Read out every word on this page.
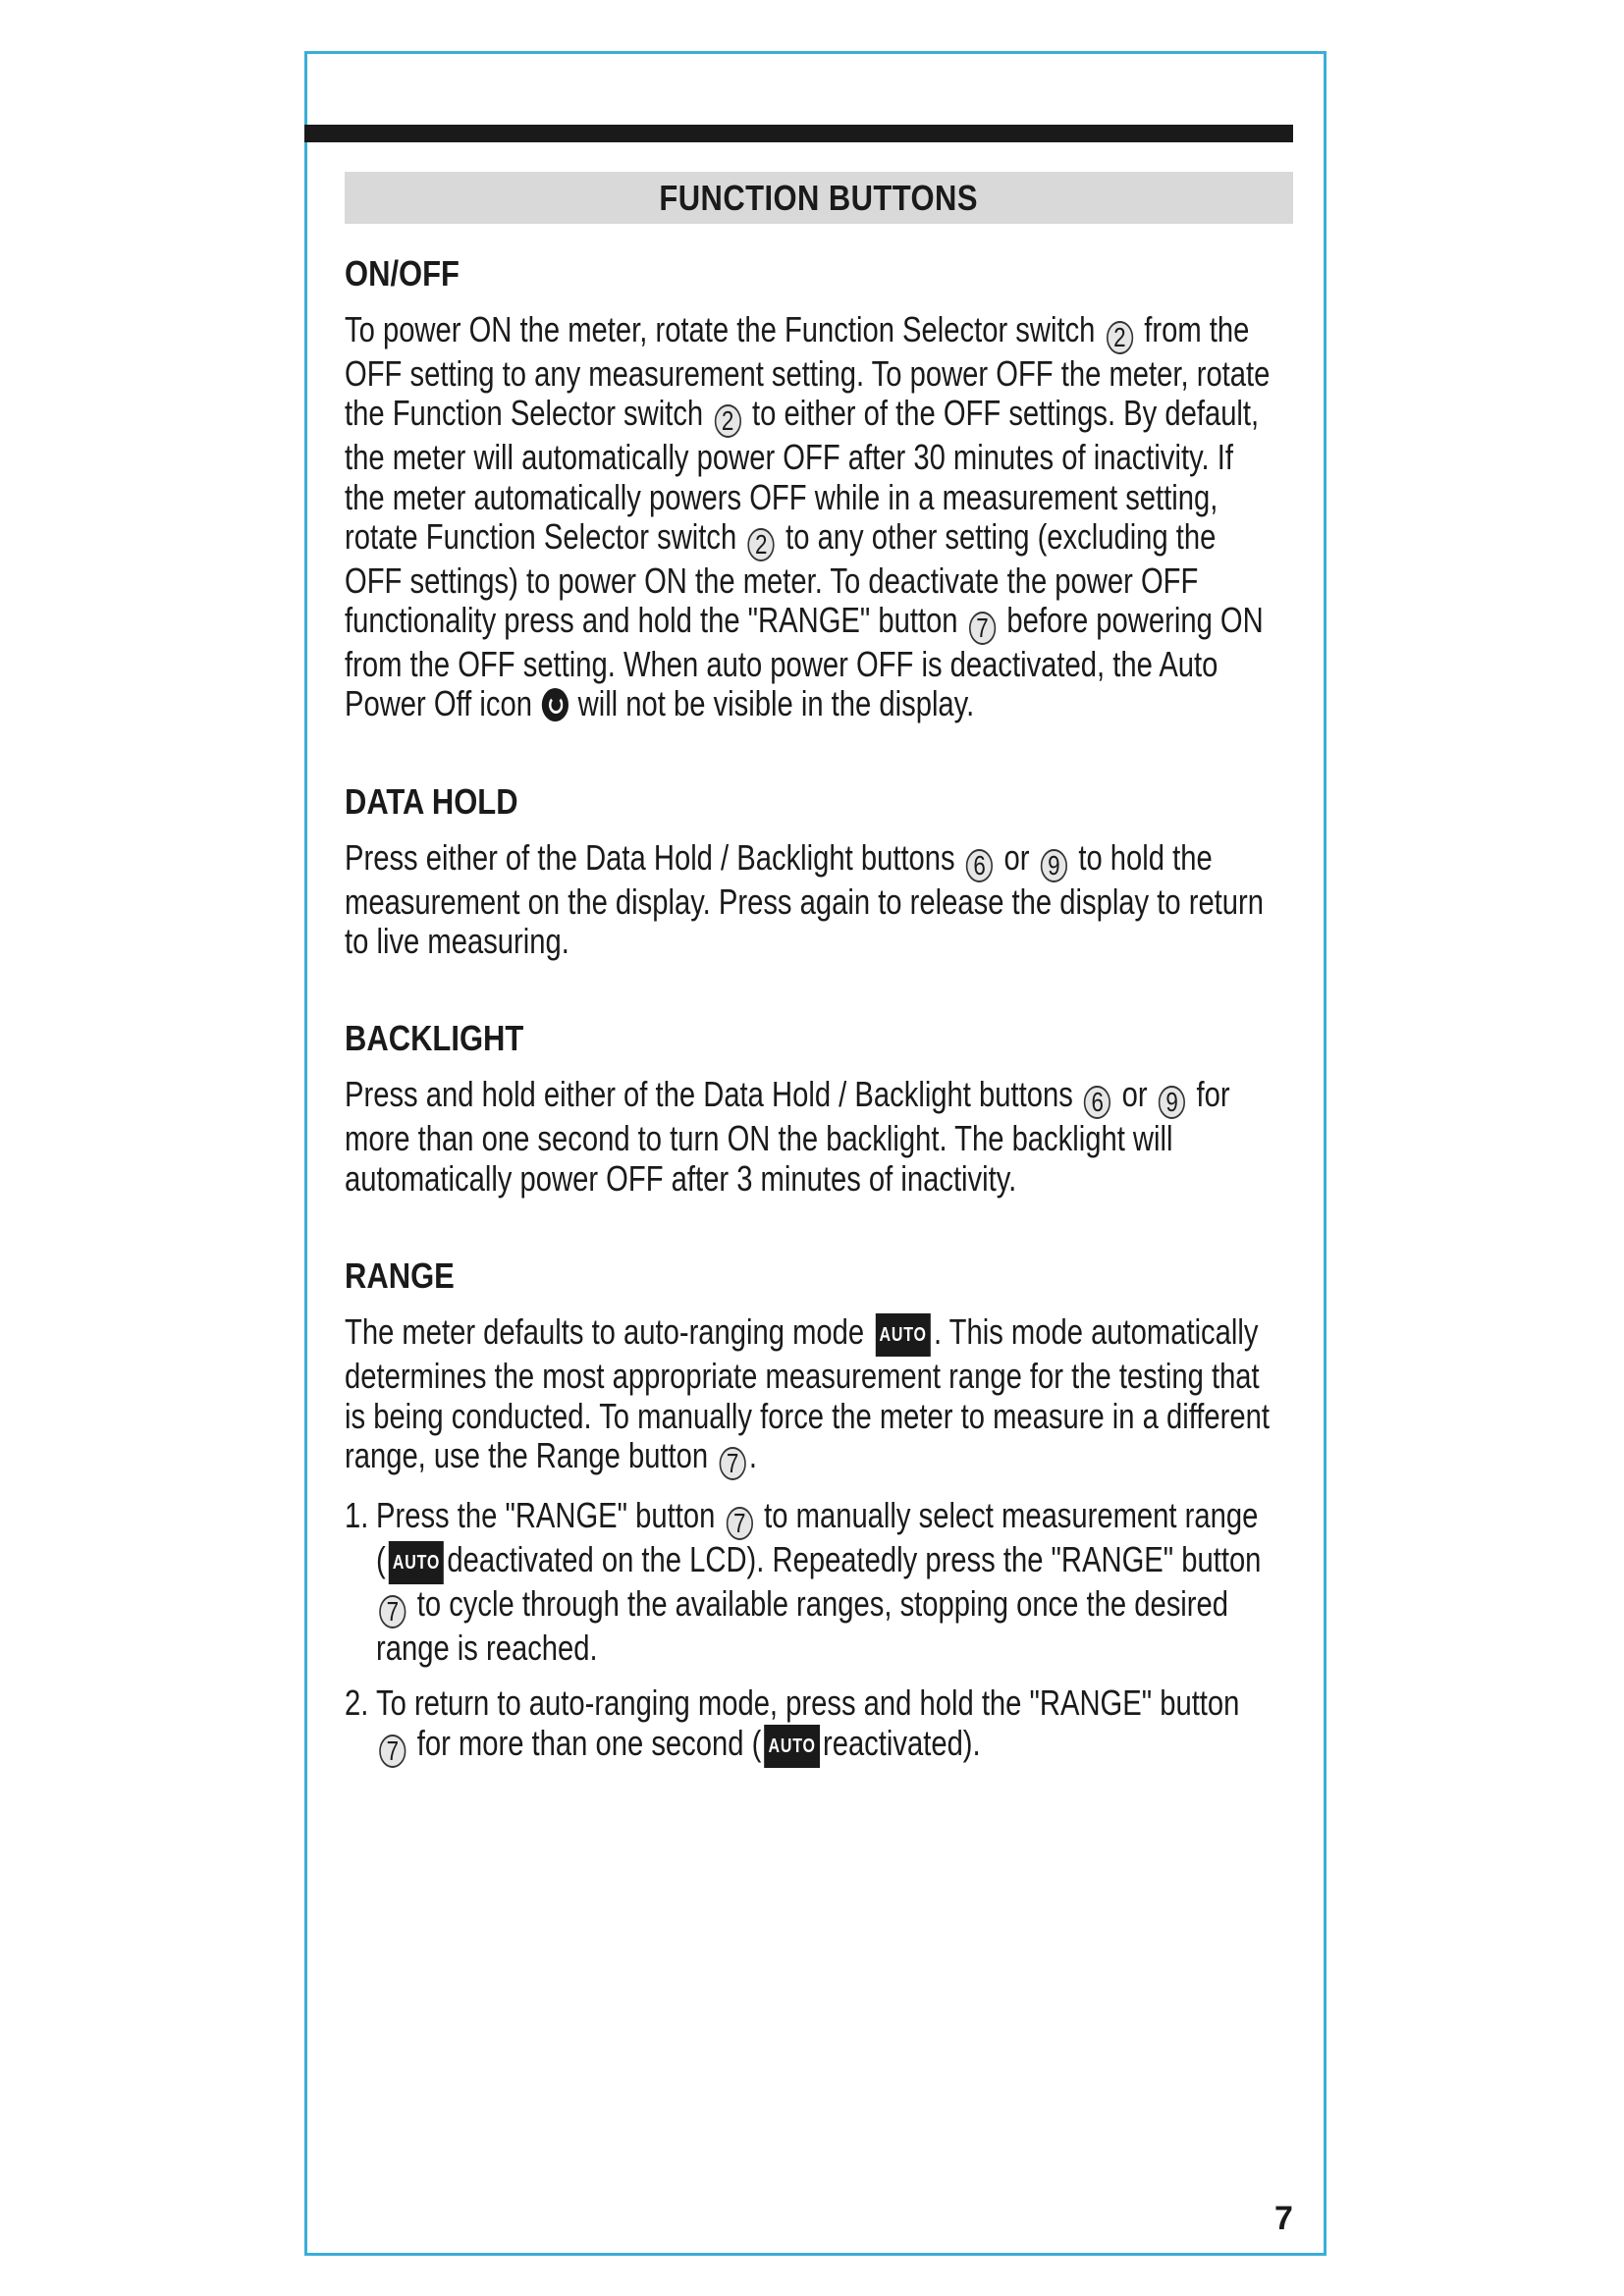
FUNCTION BUTTONS
ON/OFF

To power ON the meter, rotate the Function Selector switch 2 from the OFF setting to any measurement setting. To power OFF the meter, rotate the Function Selector switch 2 to either of the OFF settings. By default, the meter will automatically power OFF after 30 minutes of inactivity. If the meter automatically powers OFF while in a measurement setting, rotate Function Selector switch 2 to any other setting (excluding the OFF settings) to power ON the meter. To deactivate the power OFF functionality press and hold the "RANGE" button 7 before powering ON from the OFF setting. When auto power OFF is deactivated, the Auto Power Off icon will not be visible in the display.

DATA HOLD

Press either of the Data Hold / Backlight buttons 6 or 9 to hold the measurement on the display. Press again to release the display to return to live measuring.

BACKLIGHT

Press and hold either of the Data Hold / Backlight buttons 6 or 9 for more than one second to turn ON the backlight. The backlight will automatically power OFF after 3 minutes of inactivity.

RANGE

The meter defaults to auto-ranging mode AUTO . This mode automatically determines the most appropriate measurement range for the testing that is being conducted. To manually force the meter to measure in a different range, use the Range button 7 .

1. Press the "RANGE" button 7 to manually select measurement range ( AUTO deactivated on the LCD). Repeatedly press the "RANGE" button 7 to cycle through the available ranges, stopping once the desired range is reached.
2. To return to auto-ranging mode, press and hold the "RANGE" button 7 for more than one second ( AUTO reactivated).
7
